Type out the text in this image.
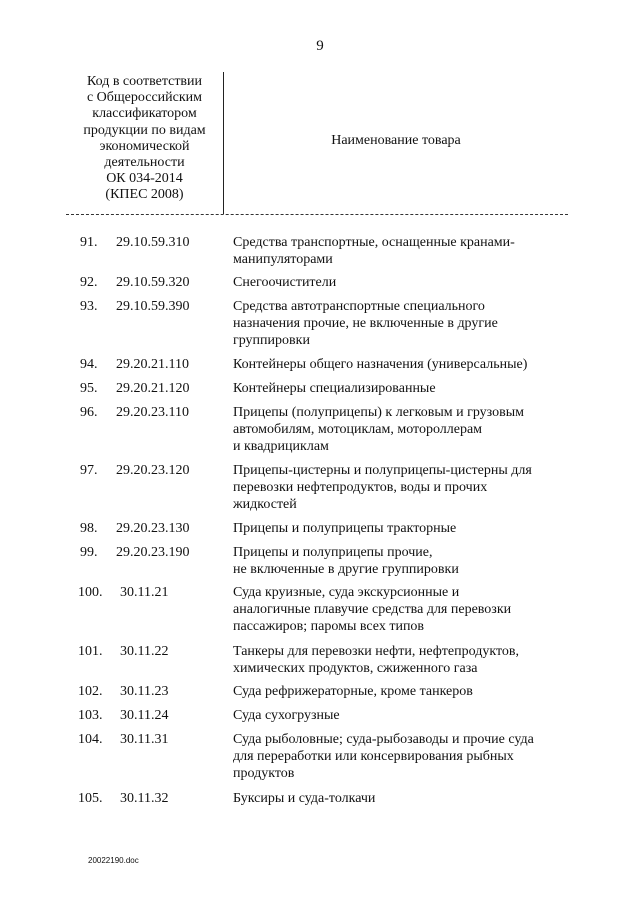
9
Код в соответствии
с Общероссийским
классификатором
продукции по видам
экономической
деятельности
ОК 034-2014
(КПЕС 2008)
Наименование товара
91. 29.10.59.310	Средства транспортные, оснащенные кранами-
манипуляторами
92. 29.10.59.320	Снегоочистители
93. 29.10.59.390	Средства автотранспортные специального
назначения прочие, не включенные в другие
группировки
94. 29.20.21.110	Контейнеры общего назначения (универсальные)
95. 29.20.21.120	Контейнеры специализированные
96. 29.20.23.110	Прицепы (полуприцепы) к легковым и грузовым
автомобилям, мотоциклам, мотороллерам
и квадрициклам
97. 29.20.23.120	Прицепы-цистерны и полуприцепы-цистерны для
перевозки нефтепродуктов, воды и прочих
жидкостей
98. 29.20.23.130	Прицепы и полуприцепы тракторные
99. 29.20.23.190	Прицепы и полуприцепы прочие,
не включенные в другие группировки
100. 30.11.21	Суда круизные, суда экскурсионные и
аналогичные плавучие средства для перевозки
пассажиров; паромы всех типов
101. 30.11.22	Танкеры для перевозки нефти, нефтепродуктов,
химических продуктов, сжиженного газа
102. 30.11.23	Суда рефрижераторные, кроме танкеров
103. 30.11.24	Суда сухогрузные
104. 30.11.31	Суда рыболовные; суда-рыбозаводы и прочие суда
для переработки или консервирования рыбных
продуктов
105. 30.11.32	Буксиры и суда-толкачи
20022190.doc
